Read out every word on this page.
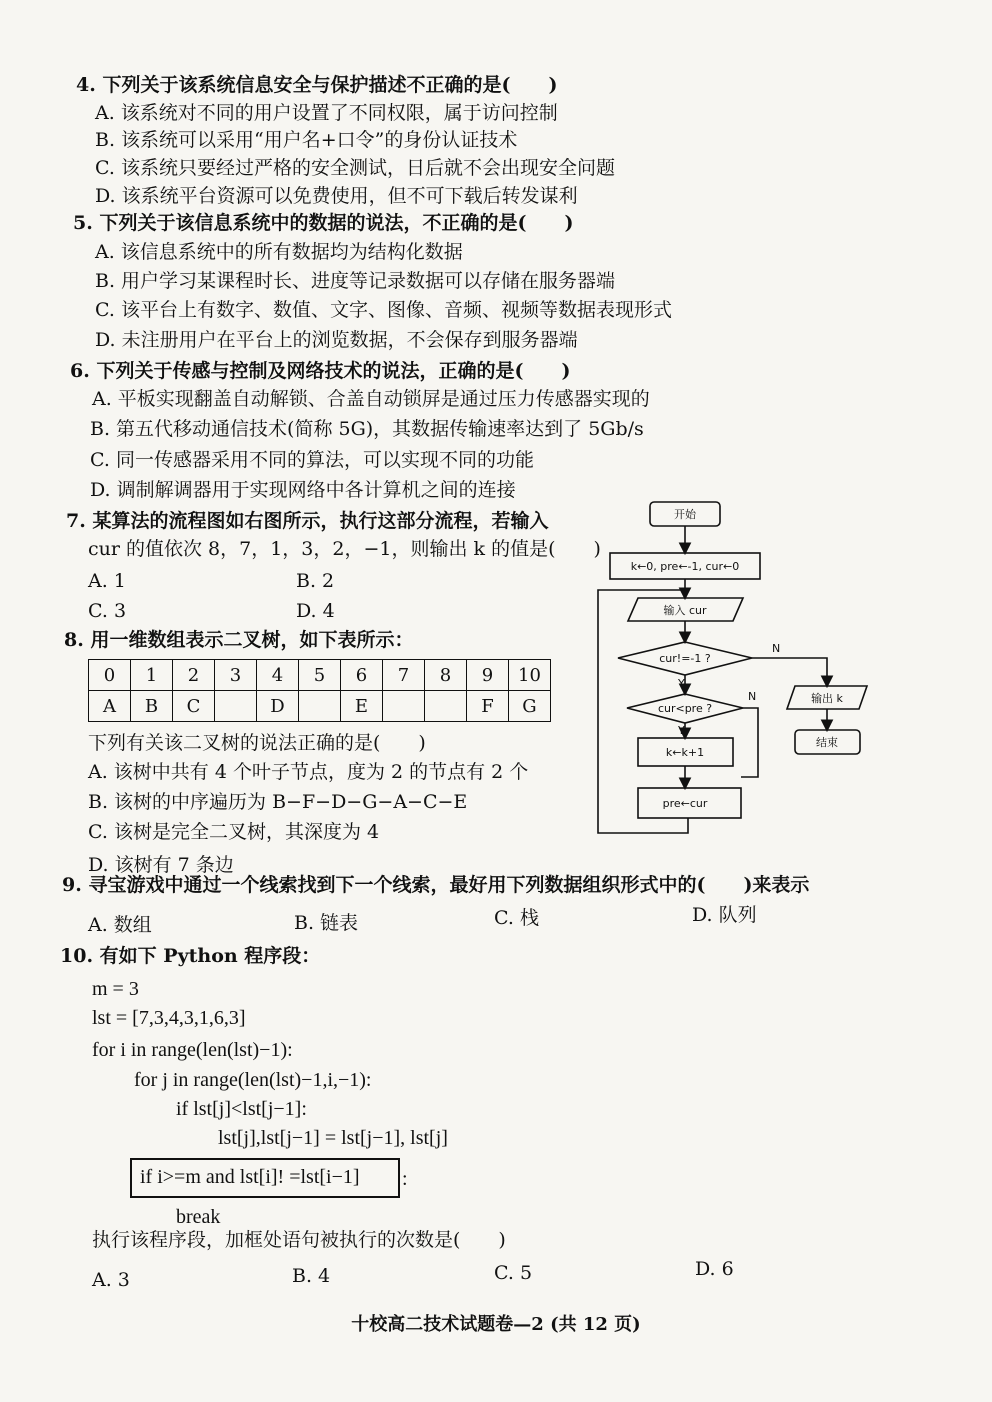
4. 下列关于该系统信息安全与保护描述不正确的是(　　)
A. 该系统对不同的用户设置了不同权限，属于访问控制
B. 该系统可以采用“用户名+口令”的身份认证技术
C. 该系统只要经过严格的安全测试，日后就不会出现安全问题
D. 该系统平台资源可以免费使用，但不可下载后转发谋利
5. 下列关于该信息系统中的数据的说法，不正确的是(　　)
A. 该信息系统中的所有数据均为结构化数据
B. 用户学习某课程时长、进度等记录数据可以存储在服务器端
C. 该平台上有数字、数值、文字、图像、音频、视频等数据表现形式
D. 未注册用户在平台上的浏览数据，不会保存到服务器端
6. 下列关于传感与控制及网络技术的说法，正确的是(　　)
A. 平板实现翻盖自动解锁、合盖自动锁屏是通过压力传感器实现的
B. 第五代移动通信技术(简称 5G)，其数据传输速率达到了 5Gb/s
C. 同一传感器采用不同的算法，可以实现不同的功能
D. 调制解调器用于实现网络中各计算机之间的连接
7. 某算法的流程图如右图所示，执行这部分流程，若输入
cur 的值依次 8，7，1，3，2，−1，则输出 k 的值是(　　)
A. 1	B. 2
C. 3	D. 4
开始
k←0, pre←-1, cur←0
输入 cur
cur!=-1 ?
cur<pre ?
k←k+1
pre←cur
输出 k
结束
Y
N
Y
N
8. 用一维数组表示二叉树，如下表所示：
0	1	2	3	4	5	6	7	8	9	10
A	B	C		D		E			F	G
下列有关该二叉树的说法正确的是(　　)
A. 该树中共有 4 个叶子节点，度为 2 的节点有 2 个
B. 该树的中序遍历为 B−F−D−G−A−C−E
C. 该树是完全二叉树，其深度为 4
D. 该树有 7 条边
9. 寻宝游戏中通过一个线索找到下一个线索，最好用下列数据组织形式中的(　　)来表示
A. 数组	B. 链表	C. 栈	D. 队列
10. 有如下 Python 程序段：
m = 3
lst = [7,3,4,3,1,6,3]
for i in range(len(lst)−1):
for j in range(len(lst)−1,i,−1):
if lst[j]<lst[j−1]:
lst[j],lst[j−1] = lst[j−1], lst[j]
if i>=m and lst[i]! =lst[i−1] :
break
执行该程序段，加框处语句被执行的次数是(　　)
A. 3	B. 4	C. 5	D. 6
十校高二技术试题卷—2 (共 12 页)
